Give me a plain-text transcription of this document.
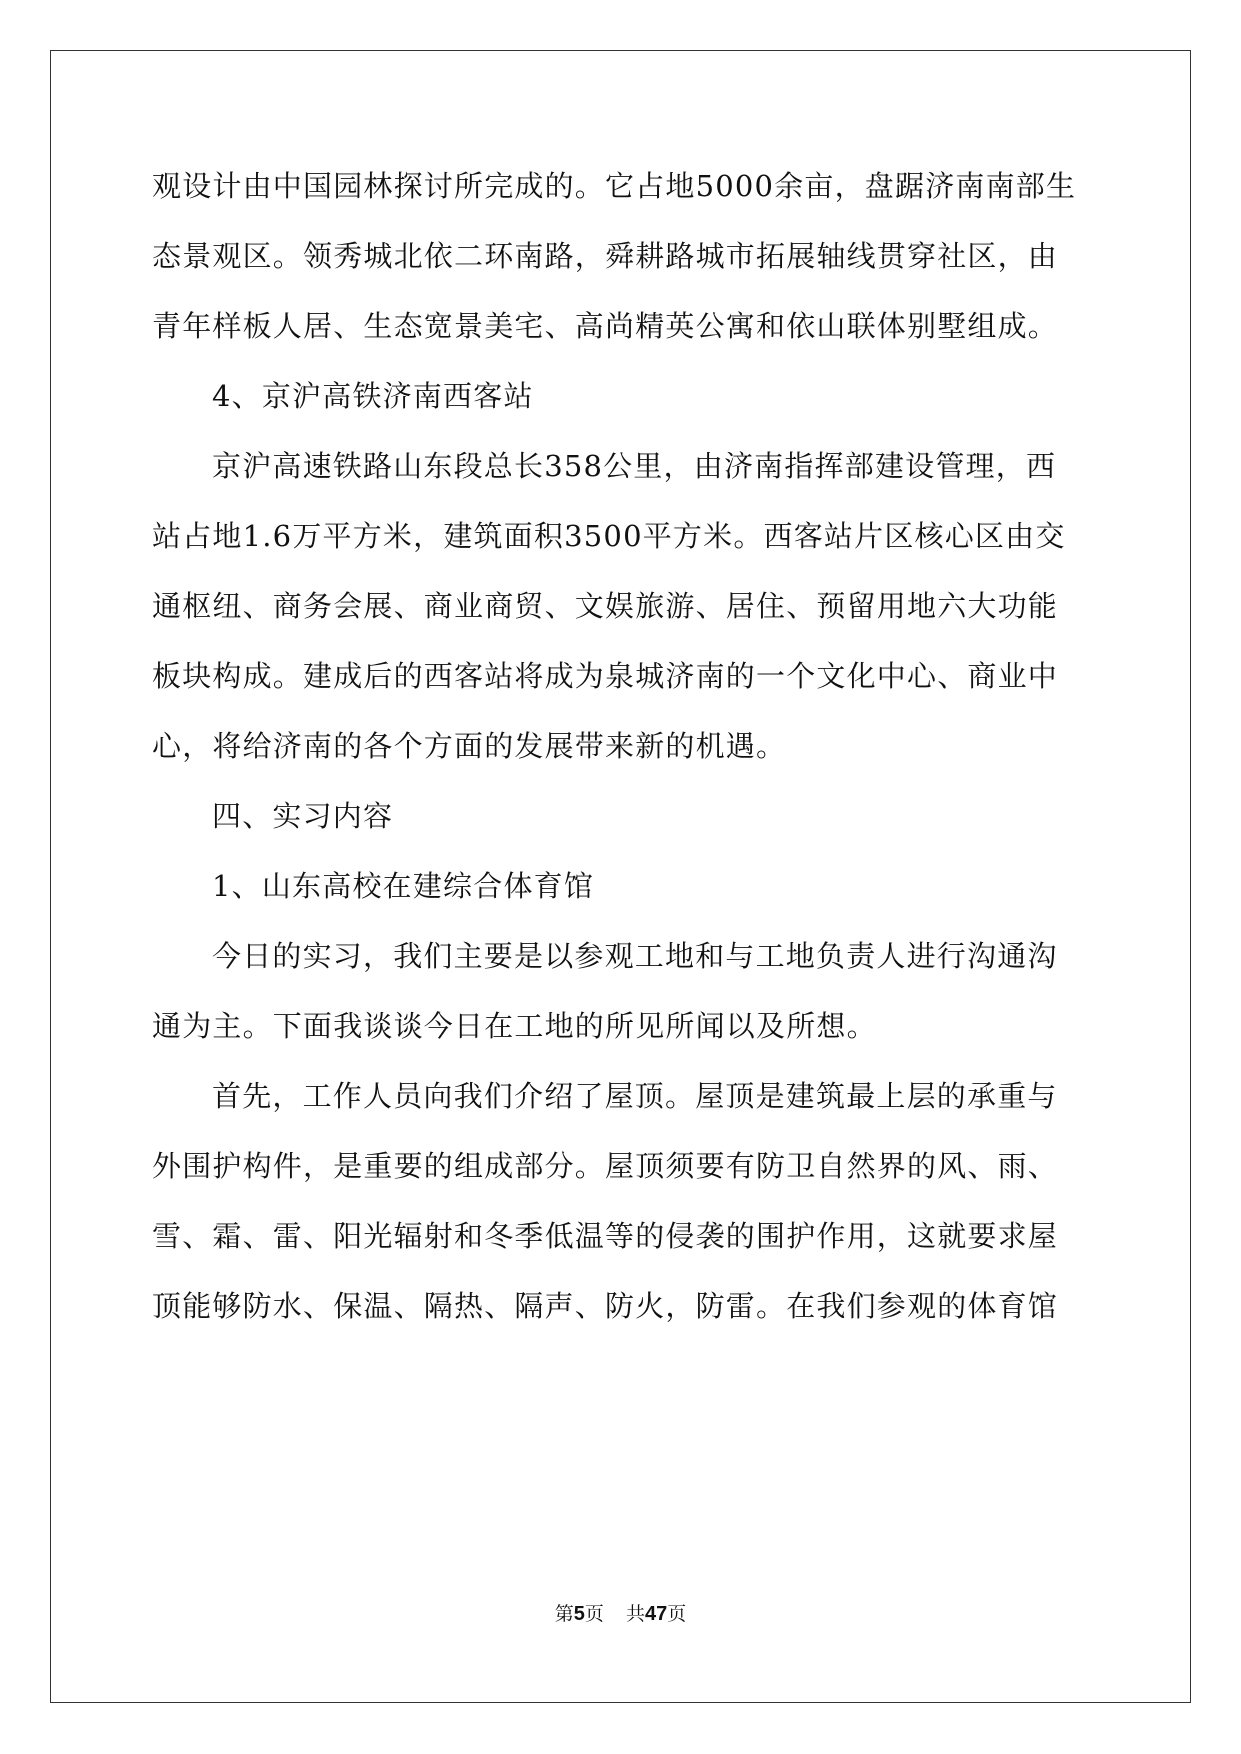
观设计由中国园林探讨所完成的。它占地5000余亩，盘踞济南南部生
态景观区。领秀城北依二环南路，舜耕路城市拓展轴线贯穿社区，由
青年样板人居、生态宽景美宅、高尚精英公寓和依山联体别墅组成。
4、京沪高铁济南西客站
京沪高速铁路山东段总长358公里，由济南指挥部建设管理，西
站占地1.6万平方米，建筑面积3500平方米。西客站片区核心区由交
通枢纽、商务会展、商业商贸、文娱旅游、居住、预留用地六大功能
板块构成。建成后的西客站将成为泉城济南的一个文化中心、商业中
心，将给济南的各个方面的发展带来新的机遇。
四、实习内容
1、山东高校在建综合体育馆
今日的实习，我们主要是以参观工地和与工地负责人进行沟通沟
通为主。下面我谈谈今日在工地的所见所闻以及所想。
首先，工作人员向我们介绍了屋顶。屋顶是建筑最上层的承重与
外围护构件，是重要的组成部分。屋顶须要有防卫自然界的风、雨、
雪、霜、雷、阳光辐射和冬季低温等的侵袭的围护作用，这就要求屋
顶能够防水、保温、隔热、隔声、防火，防雷。在我们参观的体育馆
第5页 共47页
